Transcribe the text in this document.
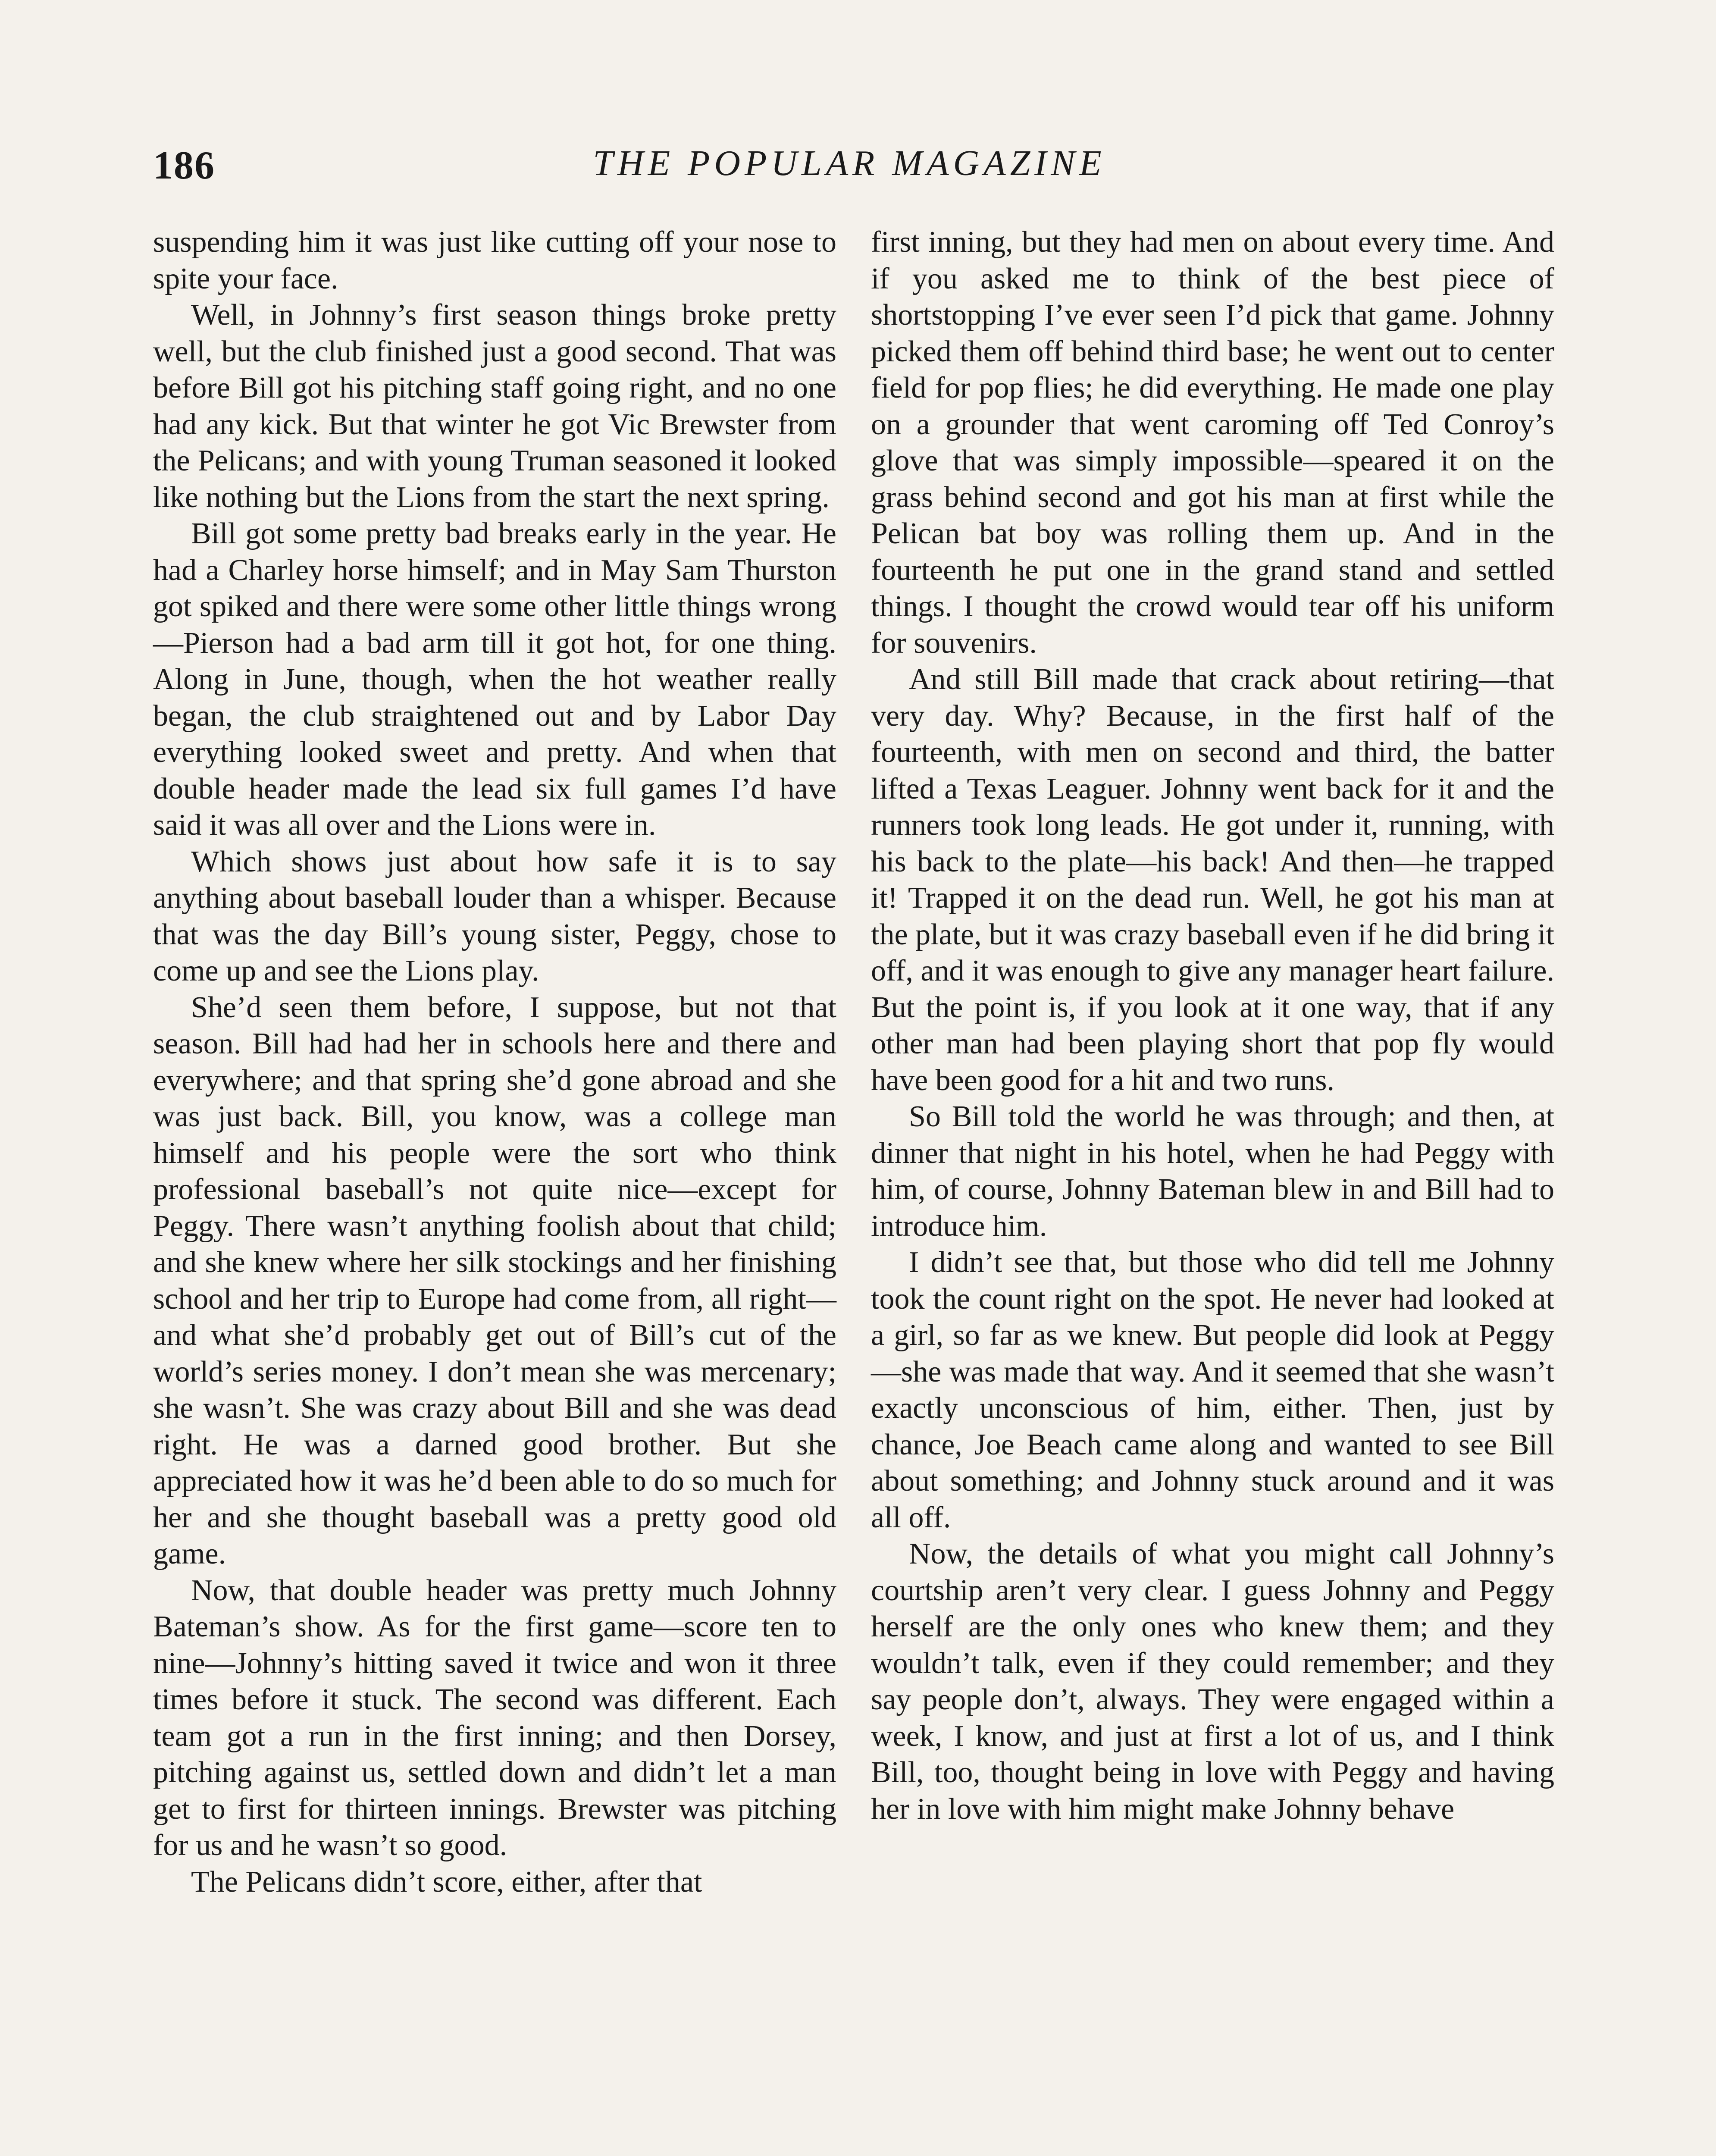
186	THE POPULAR MAGAZINE

suspending him it was just like cutting off your nose to spite your face.

Well, in Johnny’s first season things broke pretty well, but the club finished just a good second. That was before Bill got his pitching staff going right, and no one had any kick. But that winter he got Vic Brewster from the Pelicans; and with young Truman seasoned it looked like nothing but the Lions from the start the next spring.

Bill got some pretty bad breaks early in the year. He had a Charley horse himself; and in May Sam Thurston got spiked and there were some other little things wrong—Pierson had a bad arm till it got hot, for one thing. Along in June, though, when the hot weather really began, the club straightened out and by Labor Day everything looked sweet and pretty. And when that double header made the lead six full games I’d have said it was all over and the Lions were in.

Which shows just about how safe it is to say anything about baseball louder than a whisper. Because that was the day Bill’s young sister, Peggy, chose to come up and see the Lions play.

She’d seen them before, I suppose, but not that season. Bill had had her in schools here and there and everywhere; and that spring she’d gone abroad and she was just back. Bill, you know, was a college man himself and his people were the sort who think professional baseball’s not quite nice—except for Peggy. There wasn’t anything foolish about that child; and she knew where her silk stockings and her finishing school and her trip to Europe had come from, all right—and what she’d probably get out of Bill’s cut of the world’s series money. I don’t mean she was mercenary; she wasn’t. She was crazy about Bill and she was dead right. He was a darned good brother. But she appreciated how it was he’d been able to do so much for her and she thought baseball was a pretty good old game.

Now, that double header was pretty much Johnny Bateman’s show. As for the first game—score ten to nine—Johnny’s hitting saved it twice and won it three times before it stuck. The second was different. Each team got a run in the first inning; and then Dorsey, pitching against us, settled down and didn’t let a man get to first for thirteen innings. Brewster was pitching for us and he wasn’t so good.

The Pelicans didn’t score, either, after that

first inning, but they had men on about every time. And if you asked me to think of the best piece of shortstopping I’ve ever seen I’d pick that game. Johnny picked them off behind third base; he went out to center field for pop flies; he did everything. He made one play on a grounder that went caroming off Ted Conroy’s glove that was simply impossible—speared it on the grass behind second and got his man at first while the Pelican bat boy was rolling them up. And in the fourteenth he put one in the grand stand and settled things. I thought the crowd would tear off his uniform for souvenirs.

And still Bill made that crack about retiring—that very day. Why? Because, in the first half of the fourteenth, with men on second and third, the batter lifted a Texas Leaguer. Johnny went back for it and the runners took long leads. He got under it, running, with his back to the plate—his back! And then—he trapped it! Trapped it on the dead run. Well, he got his man at the plate, but it was crazy baseball even if he did bring it off, and it was enough to give any manager heart failure. But the point is, if you look at it one way, that if any other man had been playing short that pop fly would have been good for a hit and two runs.

So Bill told the world he was through; and then, at dinner that night in his hotel, when he had Peggy with him, of course, Johnny Bateman blew in and Bill had to introduce him.

I didn’t see that, but those who did tell me Johnny took the count right on the spot. He never had looked at a girl, so far as we knew. But people did look at Peggy—she was made that way. And it seemed that she wasn’t exactly unconscious of him, either. Then, just by chance, Joe Beach came along and wanted to see Bill about something; and Johnny stuck around and it was all off.

Now, the details of what you might call Johnny’s courtship aren’t very clear. I guess Johnny and Peggy herself are the only ones who knew them; and they wouldn’t talk, even if they could remember; and they say people don’t, always. They were engaged within a week, I know, and just at first a lot of us, and I think Bill, too, thought being in love with Peggy and having her in love with him might make Johnny behave
